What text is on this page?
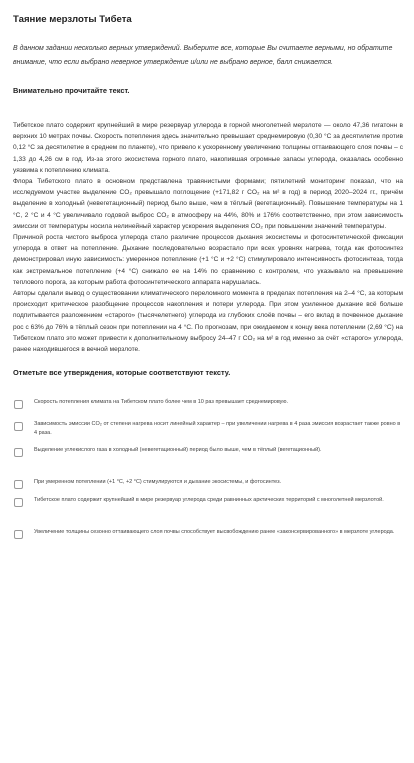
Таяние мерзлоты Тибета
В данном задании несколько верных утверждений. Выберите все, которые Вы считаете верными, но обратите внимание, что если выбрано неверное утверждение и/или не выбрано верное, балл снижается.
Внимательно прочитайте текст.

Тибетское плато содержит крупнейший в мире резервуар углерода в горной многолетней мерзлоте — около 47,36 гигатонн в верхних 10 метрах почвы. Скорость потепления здесь значительно превышает среднемировую (0,30 °С за десятилетие против 0,12 °С за десятилетие в среднем по планете), что привело к ускоренному увеличению толщины оттаивающего слоя почвы – с 1,33 до 4,26 см в год. Из-за этого экосистема горного плато, накопившая огромные запасы углерода, оказалась особенно уязвима к потеплению климата.

Флора Тибетского плато в основном представлена травянистыми формами; пятилетний мониторинг показал, что на исследуемом участке выделение CO₂ превышало поглощение (+171,82 г CO₂ на м² в год) в период 2020–2024 гг., причём выделение в холодный (невегетационный) период было выше, чем в тёплый (вегетационный). Повышение температуры на 1 °С, 2 °С и 4 °С увеличивало годовой выброс CO₂ в атмосферу на 44%, 80% и 176% соответственно, при этом зависимость эмиссии от температуры носила нелинейный характер ускорения выделения CO₂ при повышении значений температуры.

Причиной роста чистого выброса углерода стало различие процессов дыхания экосистемы и фотосинтетической фиксации углерода в ответ на потепление. Дыхание последовательно возрастало при всех уровнях нагрева, тогда как фотосинтез демонстрировал иную зависимость: умеренное потепление (+1 °С и +2 °С) стимулировало интенсивность фотосинтеза, тогда как экстремальное потепление (+4 °С) снижало ее на 14% по сравнению с контролем, что указывало на превышение теплового порога, за которым работа фотосинтетического аппарата нарушалась.

Авторы сделали вывод о существовании климатического переломного момента в пределах потепления на 2–4 °С, за которым происходит критическое разобщение процессов накопления и потери углерода. При этом усиленное дыхание всё больше подпитывается разложением «старого» (тысячелетнего) углерода из глубоких слоёв почвы – его вклад в почвенное дыхание рос с 63% до 76% в тёплый сезон при потеплении на 4 °С. По прогнозам, при ожидаемом к концу века потеплении (2,69 °С) на Тибетском плато это может привести к дополнительному выбросу 24–47 г CO₂ на м² в год именно за счёт «старого» углерода, ранее находившегося в вечной мерзлоте.

Отметьте все утверждения, которые соответствуют тексту.
Скорость потепления климата на Тибетском плато более чем в 10 раз превышает среднемировую.
Зависимость эмиссии CO₂ от степени нагрева носит линейный характер – при увеличении нагрева в 4 раза эмиссия возрастает также ровно в 4 раза.
Выделение углекислого газа в холодный (невегетационный) период было выше, чем в тёплый (вегетационный).
При умеренном потеплении (+1 °С, +2 °С) стимулируются и дыхание экосистемы, и фотосинтез.
Тибетское плато содержит крупнейший в мире резервуар углерода среди равнинных арктических территорий с многолетней мерзлотой.
Увеличение толщины сезонно оттаивающего слоя почвы способствует высвобождению ранее «законсервированного» в мерзлоте углерода.
